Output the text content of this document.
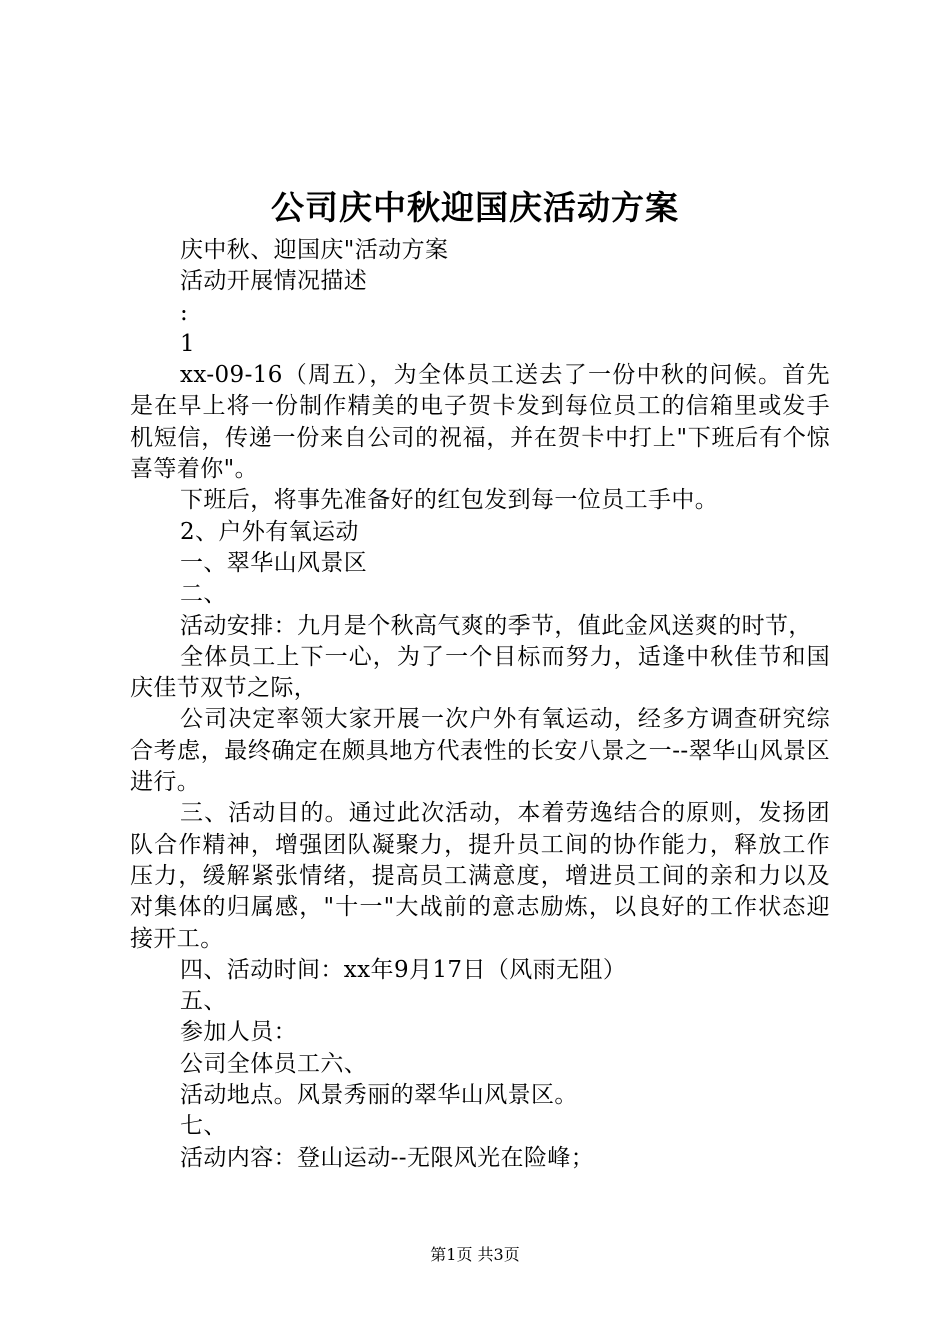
公司庆中秋迎国庆活动方案

庆中秋、迎国庆"活动方案

活动开展情况描述

:

1

xx-09-16（周五），为全体员工送去了一份中秋的问候。首先是在早上将一份制作精美的电子贺卡发到每位员工的信箱里或发手机短信，传递一份来自公司的祝福，并在贺卡中打上"下班后有个惊喜等着你"。

下班后，将事先准备好的红包发到每一位员工手中。

2、户外有氧运动

一、翠华山风景区

二、

活动安排：九月是个秋高气爽的季节，值此金风送爽的时节，

全体员工上下一心，为了一个目标而努力，适逢中秋佳节和国庆佳节双节之际，

公司决定率领大家开展一次户外有氧运动，经多方调查研究综合考虑，最终确定在颇具地方代表性的长安八景之一--翠华山风景区进行。

三、活动目的。通过此次活动，本着劳逸结合的原则，发扬团队合作精神，增强团队凝聚力，提升员工间的协作能力，释放工作压力，缓解紧张情绪，提高员工满意度，增进员工间的亲和力以及对集体的归属感，"十一"大战前的意志励炼，以良好的工作状态迎接开工。

四、活动时间：xx年9月17日（风雨无阻）

五、

参加人员：

公司全体员工六、

活动地点。风景秀丽的翠华山风景区。

七、

活动内容：登山运动--无限风光在险峰；

第1页 共3页
